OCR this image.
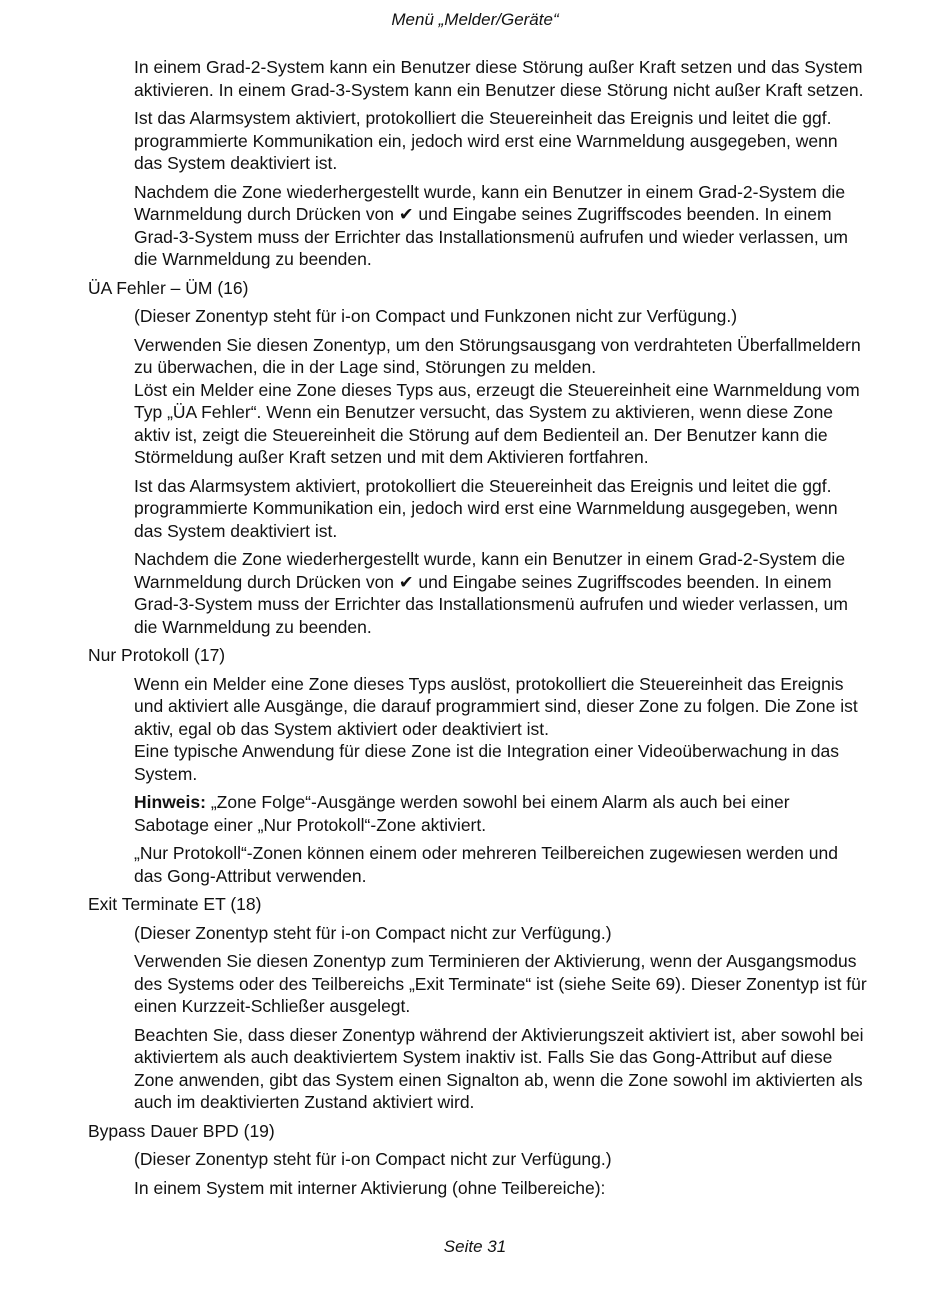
Menü „Melder/Geräte“

In einem Grad-2-System kann ein Benutzer diese Störung außer Kraft setzen und das System aktivieren. In einem Grad-3-System kann ein Benutzer diese Störung nicht außer Kraft setzen.

Ist das Alarmsystem aktiviert, protokolliert die Steuereinheit das Ereignis und leitet die ggf. programmierte Kommunikation ein, jedoch wird erst eine Warnmeldung ausgegeben, wenn das System deaktiviert ist.

Nachdem die Zone wiederhergestellt wurde, kann ein Benutzer in einem Grad-2-System die Warnmeldung durch Drücken von ✔ und Eingabe seines Zugriffscodes beenden. In einem Grad-3-System muss der Errichter das Installationsmenü aufrufen und wieder verlassen, um die Warnmeldung zu beenden.

ÜA Fehler – ÜM (16)

(Dieser Zonentyp steht für i-on Compact und Funkzonen nicht zur Verfügung.)

Verwenden Sie diesen Zonentyp, um den Störungsausgang von verdrahteten Überfallmeldern zu überwachen, die in der Lage sind, Störungen zu melden.

Löst ein Melder eine Zone dieses Typs aus, erzeugt die Steuereinheit eine Warnmeldung vom Typ „ÜA Fehler“. Wenn ein Benutzer versucht, das System zu aktivieren, wenn diese Zone aktiv ist, zeigt die Steuereinheit die Störung auf dem Bedienteil an. Der Benutzer kann die Störmeldung außer Kraft setzen und mit dem Aktivieren fortfahren.

Ist das Alarmsystem aktiviert, protokolliert die Steuereinheit das Ereignis und leitet die ggf. programmierte Kommunikation ein, jedoch wird erst eine Warnmeldung ausgegeben, wenn das System deaktiviert ist.

Nachdem die Zone wiederhergestellt wurde, kann ein Benutzer in einem Grad-2-System die Warnmeldung durch Drücken von ✔ und Eingabe seines Zugriffscodes beenden. In einem Grad-3-System muss der Errichter das Installationsmenü aufrufen und wieder verlassen, um die Warnmeldung zu beenden.

Nur Protokoll (17)

Wenn ein Melder eine Zone dieses Typs auslöst, protokolliert die Steuereinheit das Ereignis und aktiviert alle Ausgänge, die darauf programmiert sind, dieser Zone zu folgen. Die Zone ist aktiv, egal ob das System aktiviert oder deaktiviert ist.

Eine typische Anwendung für diese Zone ist die Integration einer Videoüberwachung in das System.

Hinweis: „Zone Folge“-Ausgänge werden sowohl bei einem Alarm als auch bei einer Sabotage einer „Nur Protokoll“-Zone aktiviert.

„Nur Protokoll“-Zonen können einem oder mehreren Teilbereichen zugewiesen werden und das Gong-Attribut verwenden.

Exit Terminate ET (18)

(Dieser Zonentyp steht für i-on Compact nicht zur Verfügung.)

Verwenden Sie diesen Zonentyp zum Terminieren der Aktivierung, wenn der Ausgangsmodus des Systems oder des Teilbereichs „Exit Terminate“ ist (siehe Seite 69). Dieser Zonentyp ist für einen Kurzzeit-Schließer ausgelegt.

Beachten Sie, dass dieser Zonentyp während der Aktivierungszeit aktiviert ist, aber sowohl bei aktiviertem als auch deaktiviertem System inaktiv ist. Falls Sie das Gong-Attribut auf diese Zone anwenden, gibt das System einen Signalton ab, wenn die Zone sowohl im aktivierten als auch im deaktivierten Zustand aktiviert wird.

Bypass Dauer BPD (19)

(Dieser Zonentyp steht für i-on Compact nicht zur Verfügung.)

In einem System mit interner Aktivierung (ohne Teilbereiche):

Seite 31
